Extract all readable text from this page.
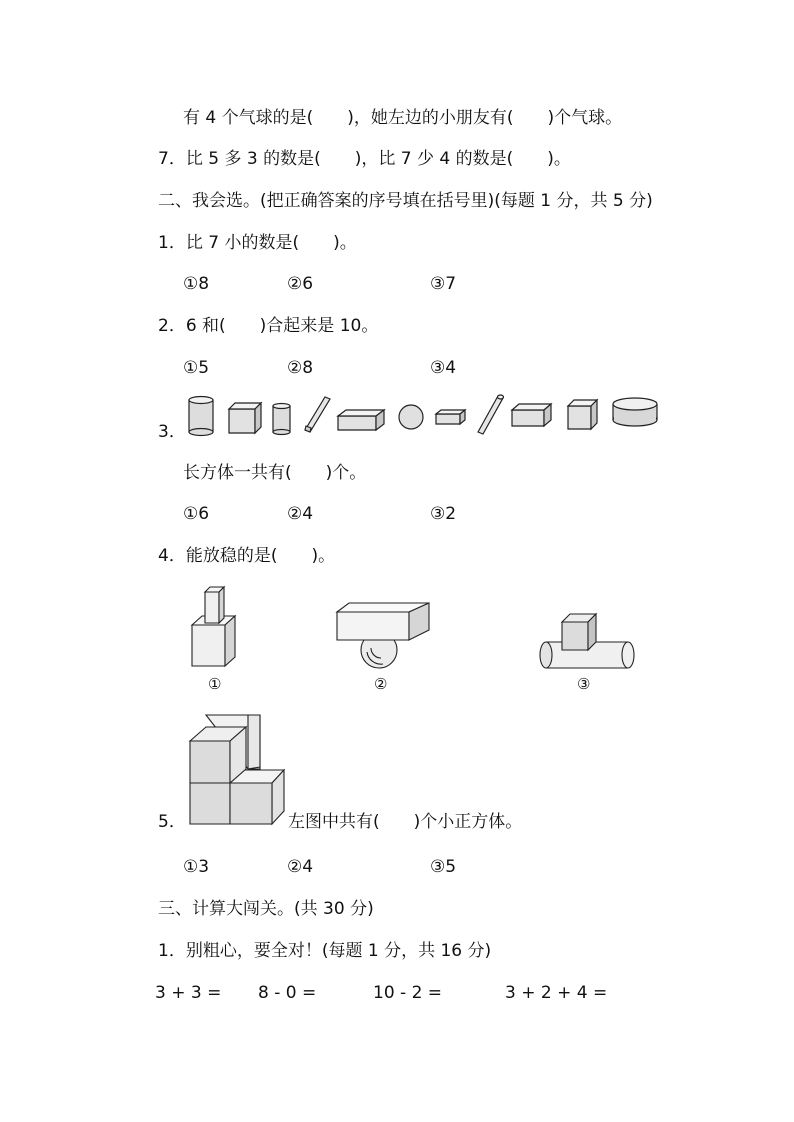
有 4 个气球的是(　　)，她左边的小朋友有(　　)个气球。
7．比 5 多 3 的数是(　　)，比 7 少 4 的数是(　　)。
二、我会选。(把正确答案的序号填在括号里)(每题 1 分，共 5 分)
1．比 7 小的数是(　　)。
①8	②6	③7
2．6 和(　　)合起来是 10。
①5	②8	③4
3．
长方体一共有(　　)个。
①6	②4	③2
4．能放稳的是(　　)。
①	②	③
5．	左图中共有(　　)个小正方体。
①3	②4	③5
三、计算大闯关。(共 30 分)
1．别粗心，要全对！(每题 1 分，共 16 分)
3 + 3 = 8 - 0 =	10 - 2 =	3 + 2 + 4 =
